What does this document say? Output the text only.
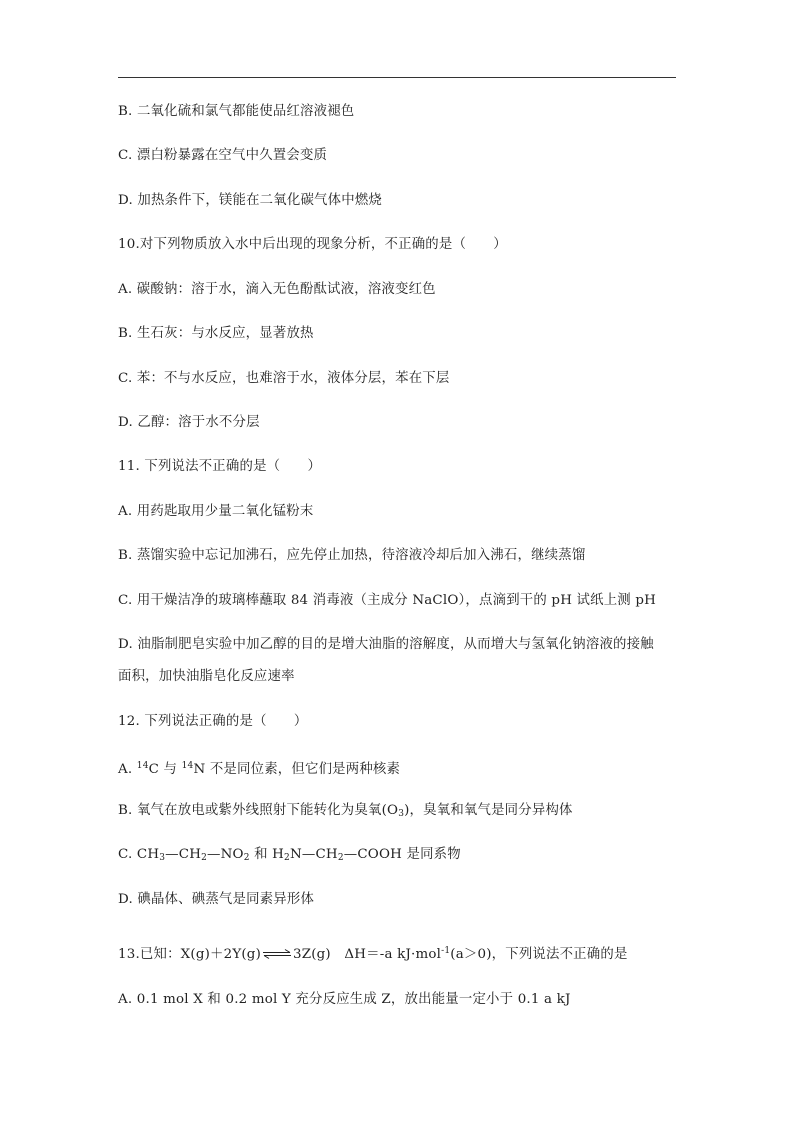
B. 二氧化硫和氯气都能使品红溶液褪色
C. 漂白粉暴露在空气中久置会变质
D. 加热条件下，镁能在二氧化碳气体中燃烧
10.对下列物质放入水中后出现的现象分析，不正确的是（　　）
A. 碳酸钠：溶于水，滴入无色酚酞试液，溶液变红色
B. 生石灰：与水反应，显著放热
C. 苯：不与水反应，也难溶于水，液体分层，苯在下层
D. 乙醇：溶于水不分层
11. 下列说法不正确的是（　　）
A. 用药匙取用少量二氧化锰粉末
B. 蒸馏实验中忘记加沸石，应先停止加热，待溶液冷却后加入沸石，继续蒸馏
C. 用干燥洁净的玻璃棒蘸取 84 消毒液（主成分 NaClO），点滴到干的 pH 试纸上测 pH
D. 油脂制肥皂实验中加乙醇的目的是增大油脂的溶解度，从而增大与氢氧化钠溶液的接触
面积，加快油脂皂化反应速率
12. 下列说法正确的是（　　）
A. $^{14}$C 与 $^{14}$N 不是同位素，但它们是两种核素
B. 氧气在放电或紫外线照射下能转化为臭氧$(O_3)$，臭氧和氧气是同分异构体
C. $CH_3—CH_2—NO_2$ 和 $H_2N—CH_2—COOH$ 是同系物
D. 碘晶体、碘蒸气是同素异形体
13.已知：X(g)＋2Y(g)⇌3Z(g)　ΔH＝-a kJ·mol$^{-1}$(a＞0)，下列说法不正确的是
A. 0.1 mol X 和 0.2 mol Y 充分反应生成 Z，放出能量一定小于 0.1 a kJ
